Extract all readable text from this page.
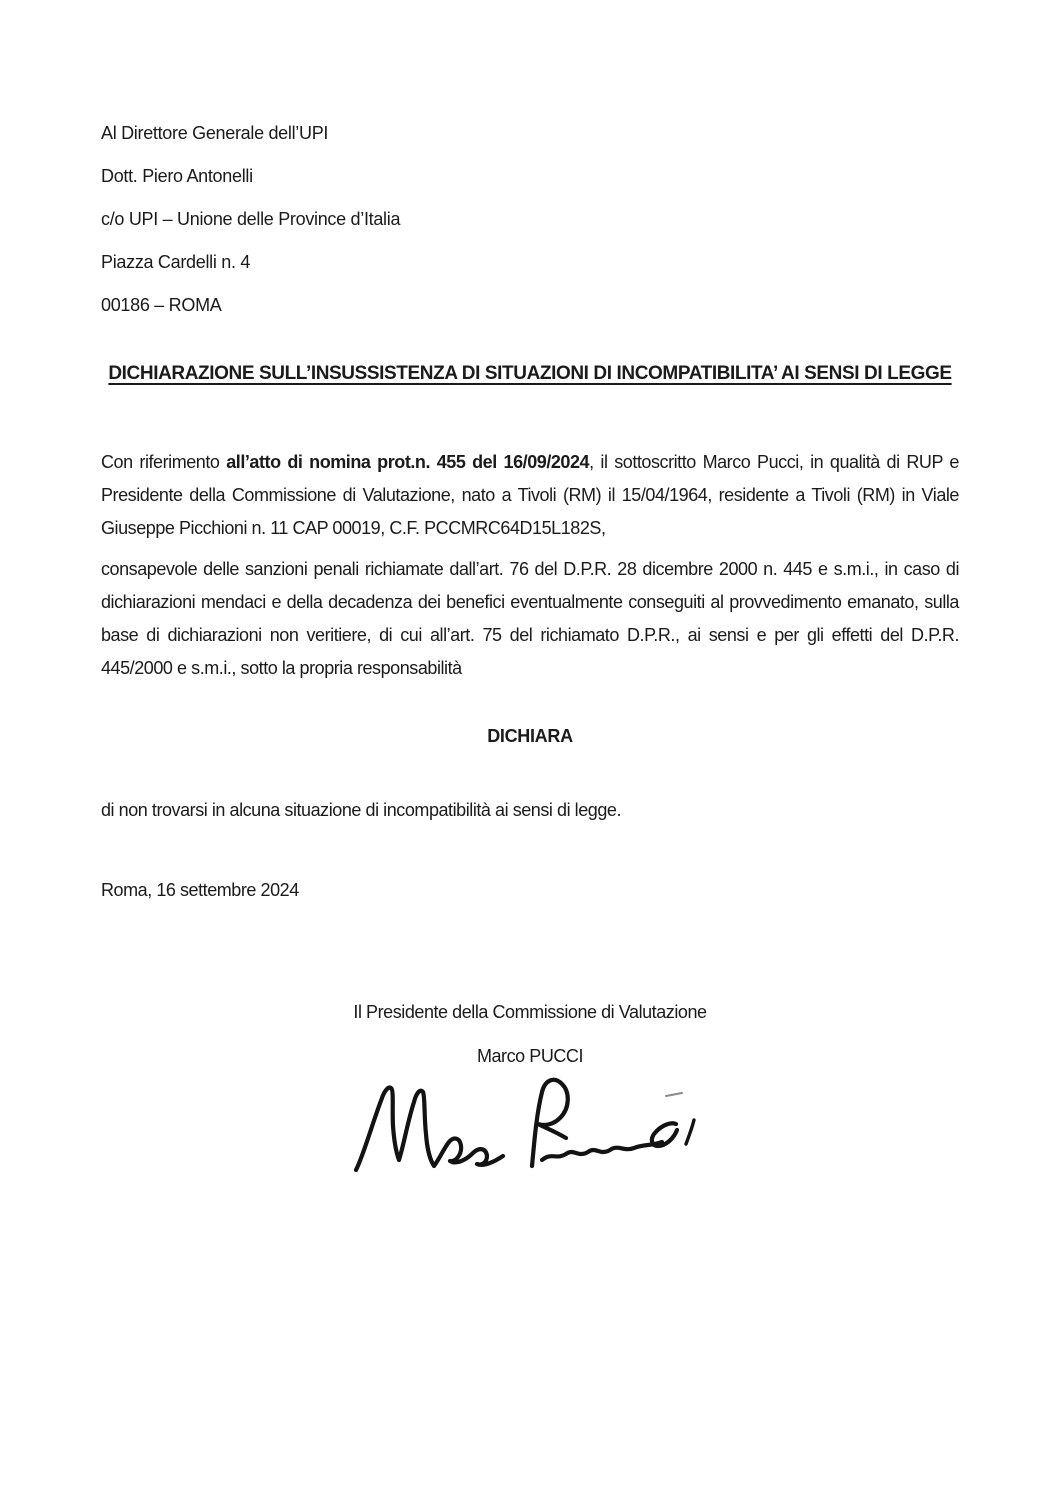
Al Direttore Generale dell’UPI

Dott. Piero Antonelli

c/o UPI – Unione delle Province d’Italia

Piazza Cardelli n. 4

00186 – ROMA

DICHIARAZIONE SULL’INSUSSISTENZA DI SITUAZIONI DI INCOMPATIBILITA’ AI SENSI DI LEGGE

Con riferimento all’atto di nomina prot.n. 455 del 16/09/2024, il sottoscritto Marco Pucci, in qualità di RUP e Presidente della Commissione di Valutazione, nato a Tivoli (RM) il 15/04/1964, residente a Tivoli (RM) in Viale Giuseppe Picchioni n. 11 CAP 00019, C.F. PCCMRC64D15L182S,

consapevole delle sanzioni penali richiamate dall’art. 76 del D.P.R. 28 dicembre 2000 n. 445 e s.m.i., in caso di dichiarazioni mendaci e della decadenza dei benefici eventualmente conseguiti al provvedimento emanato, sulla base di dichiarazioni non veritiere, di cui all’art. 75 del richiamato D.P.R., ai sensi e per gli effetti del D.P.R. 445/2000 e s.m.i., sotto la propria responsabilità

DICHIARA

di non trovarsi in alcuna situazione di incompatibilità ai sensi di legge.

Roma, 16 settembre 2024

Il Presidente della Commissione di Valutazione

Marco PUCCI
